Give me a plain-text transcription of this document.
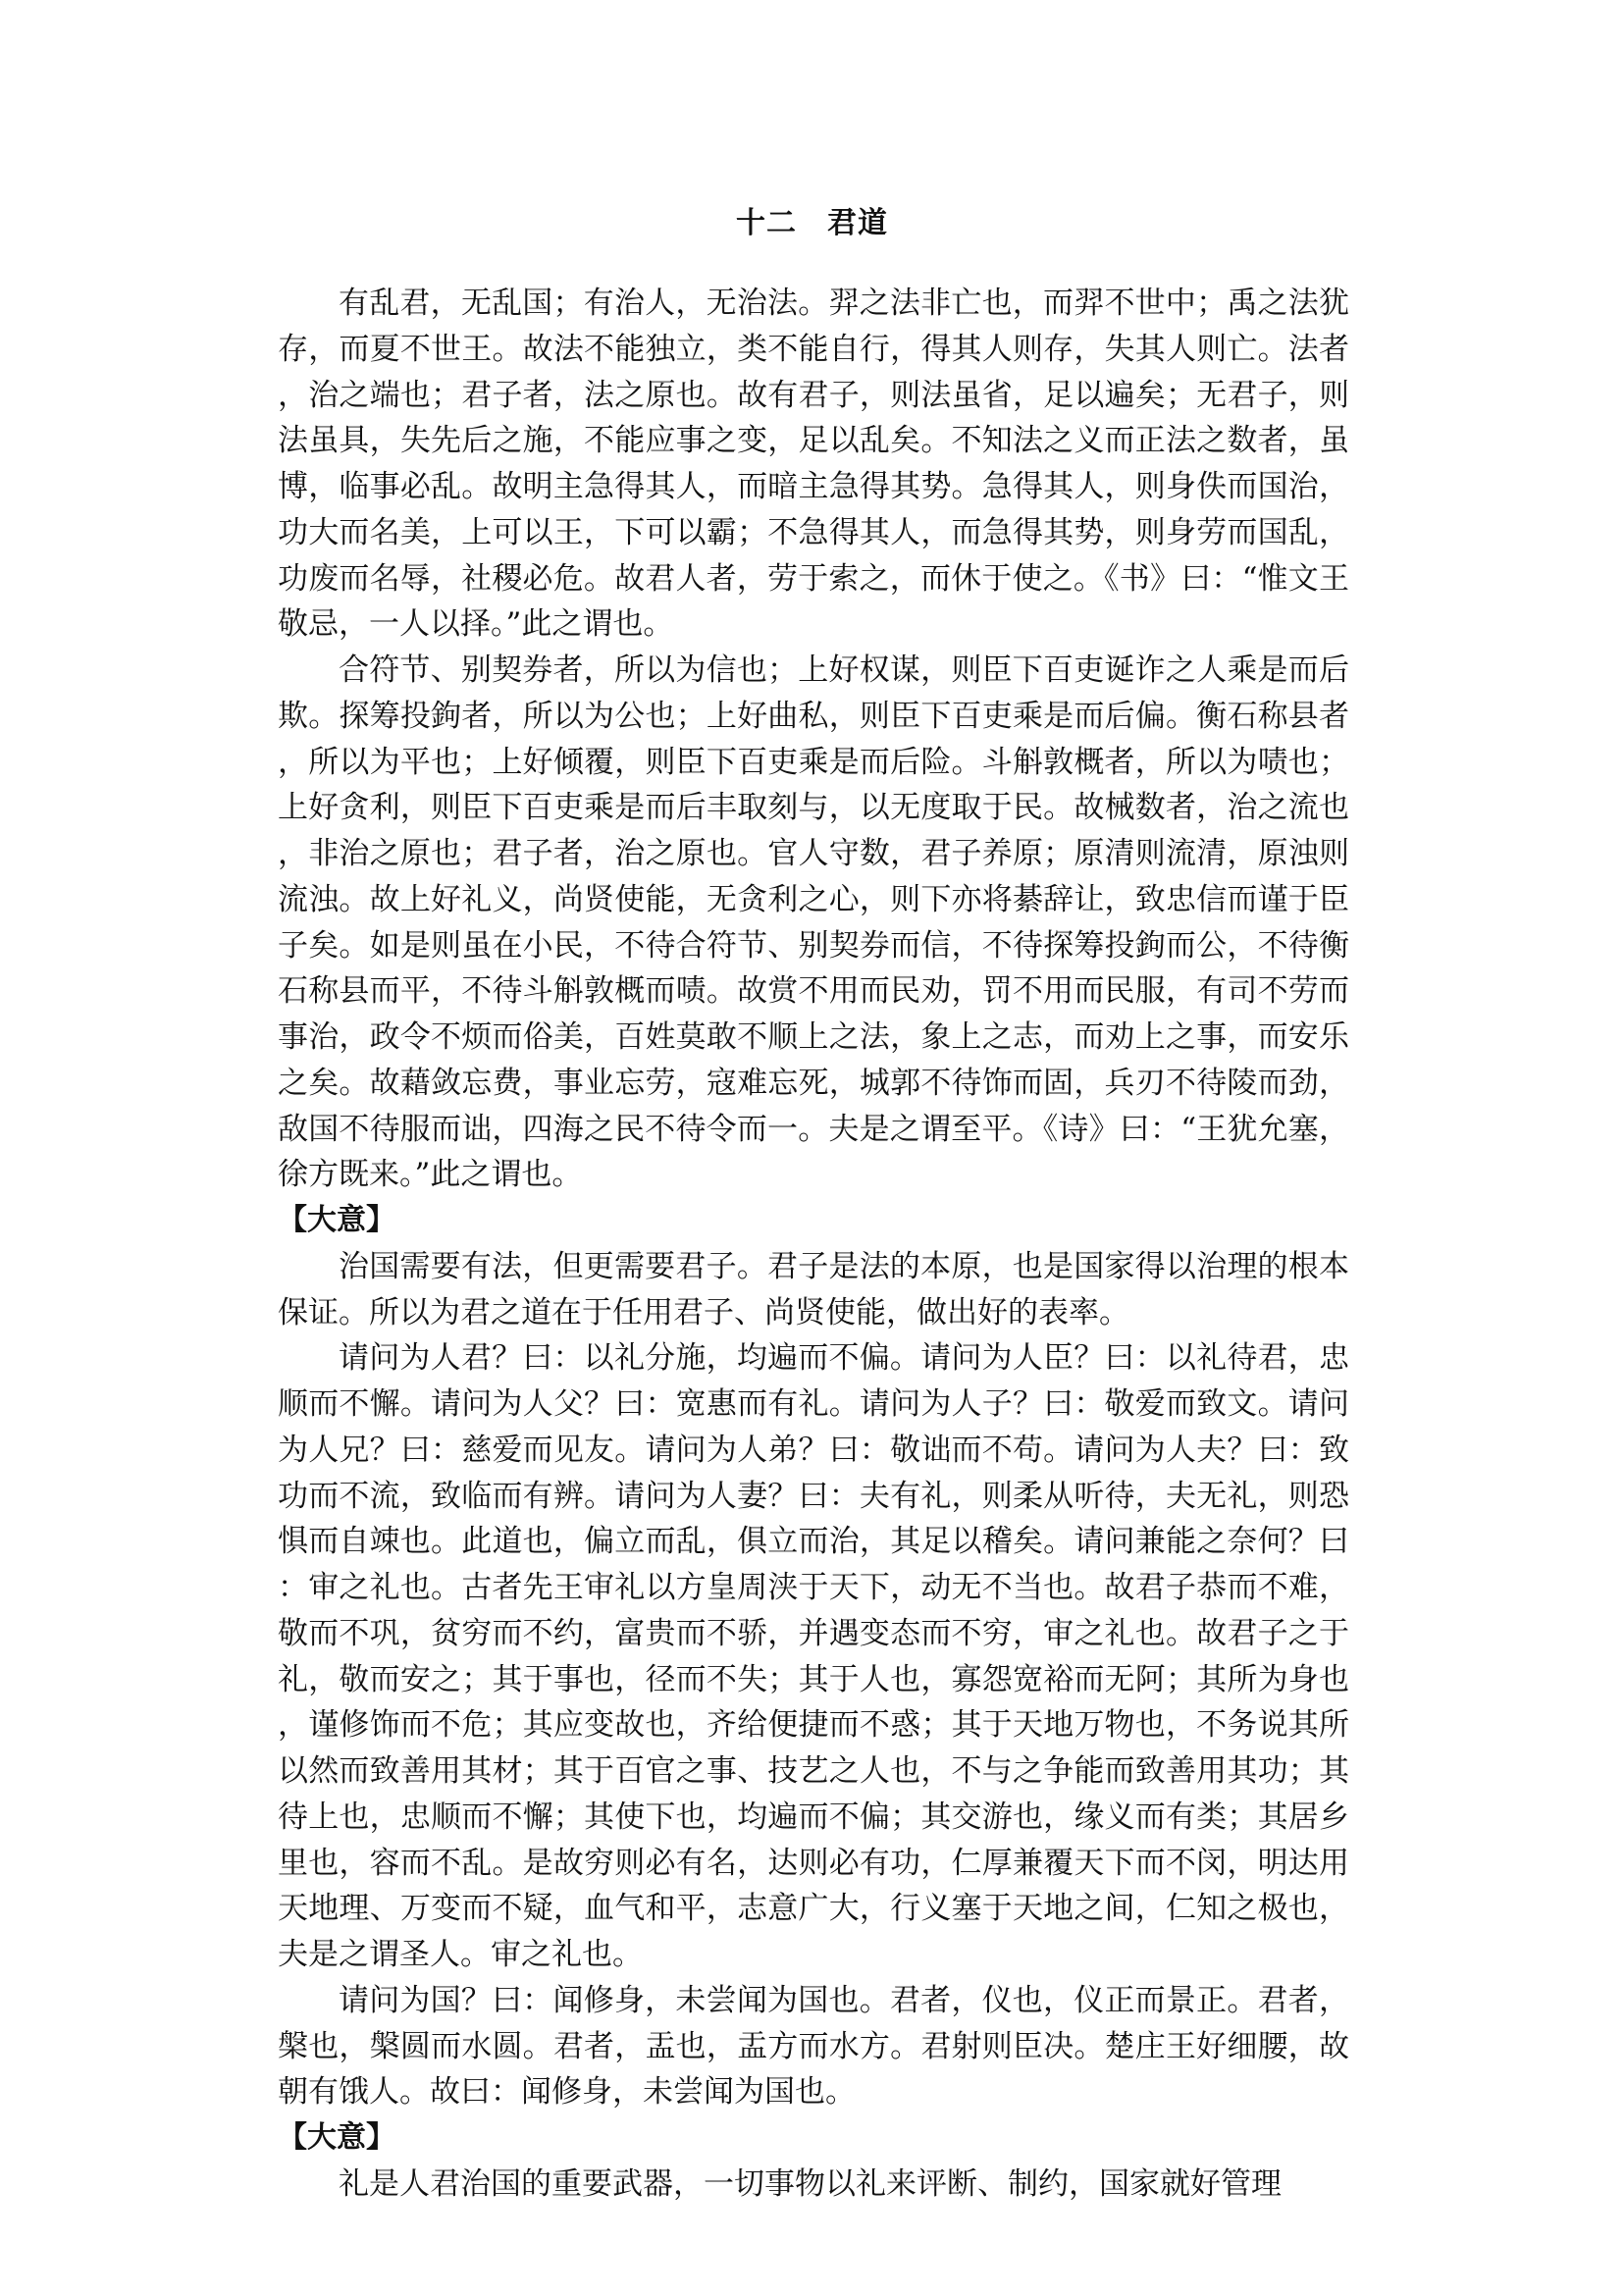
十二　君道

有乱君，无乱国；有治人，无治法。羿之法非亡也，而羿不世中；禹之法犹存，而夏不世王。故法不能独立，类不能自行，得其人则存，失其人则亡。法者，治之端也；君子者，法之原也。故有君子，则法虽省，足以遍矣；无君子，则法虽具，失先后之施，不能应事之变，足以乱矣。不知法之义而正法之数者，虽博，临事必乱。故明主急得其人，而暗主急得其势。急得其人，则身佚而国治，功大而名美，上可以王，下可以霸；不急得其人，而急得其势，则身劳而国乱，功废而名辱，社稷必危。故君人者，劳于索之，而休于使之。《书》曰：“惟文王敬忌，一人以择。”此之谓也。

合符节、别契券者，所以为信也；上好权谋，则臣下百吏诞诈之人乘是而后欺。探筹投鉤者，所以为公也；上好曲私，则臣下百吏乘是而后偏。衡石称县者，所以为平也；上好倾覆，则臣下百吏乘是而后险。斗斛敦概者，所以为啧也；上好贪利，则臣下百吏乘是而后丰取刻与，以无度取于民。故械数者，治之流也，非治之原也；君子者，治之原也。官人守数，君子养原；原清则流清，原浊则流浊。故上好礼义，尚贤使能，无贪利之心，则下亦将綦辞让，致忠信而谨于臣子矣。如是则虽在小民，不待合符节、别契券而信，不待探筹投鉤而公，不待衡石称县而平，不待斗斛敦概而啧。故赏不用而民劝，罚不用而民服，有司不劳而事治，政令不烦而俗美，百姓莫敢不顺上之法，象上之志，而劝上之事，而安乐之矣。故藉敛忘费，事业忘劳，寇难忘死，城郭不待饰而固，兵刃不待陵而劲，敌国不待服而诎，四海之民不待令而一。夫是之谓至平。《诗》曰：“王犹允塞，徐方既来。”此之谓也。

【大意】

治国需要有法，但更需要君子。君子是法的本原，也是国家得以治理的根本保证。所以为君之道在于任用君子、尚贤使能，做出好的表率。

请问为人君？曰：以礼分施，均遍而不偏。请问为人臣？曰：以礼待君，忠顺而不懈。请问为人父？曰：宽惠而有礼。请问为人子？曰：敬爱而致文。请问为人兄？曰：慈爱而见友。请问为人弟？曰：敬诎而不苟。请问为人夫？曰：致功而不流，致临而有辨。请问为人妻？曰：夫有礼，则柔从听待，夫无礼，则恐惧而自竦也。此道也，偏立而乱，俱立而治，其足以稽矣。请问兼能之奈何？曰：审之礼也。古者先王审礼以方皇周浃于天下，动无不当也。故君子恭而不难，敬而不巩，贫穷而不约，富贵而不骄，并遇变态而不穷，审之礼也。故君子之于礼，敬而安之；其于事也，径而不失；其于人也，寡怨宽裕而无阿；其所为身也，谨修饰而不危；其应变故也，齐给便捷而不惑；其于天地万物也，不务说其所以然而致善用其材；其于百官之事、技艺之人也，不与之争能而致善用其功；其待上也，忠顺而不懈；其使下也，均遍而不偏；其交游也，缘义而有类；其居乡里也，容而不乱。是故穷则必有名，达则必有功，仁厚兼覆天下而不闵，明达用天地理、万变而不疑，血气和平，志意广大，行义塞于天地之间，仁知之极也，夫是之谓圣人。审之礼也。

请问为国？曰：闻修身，未尝闻为国也。君者，仪也，仪正而景正。君者，槃也，槃圆而水圆。君者，盂也，盂方而水方。君射则臣决。楚庄王好细腰，故朝有饿人。故曰：闻修身，未尝闻为国也。

【大意】

礼是人君治国的重要武器，一切事物以礼来评断、制约，国家就好管理
